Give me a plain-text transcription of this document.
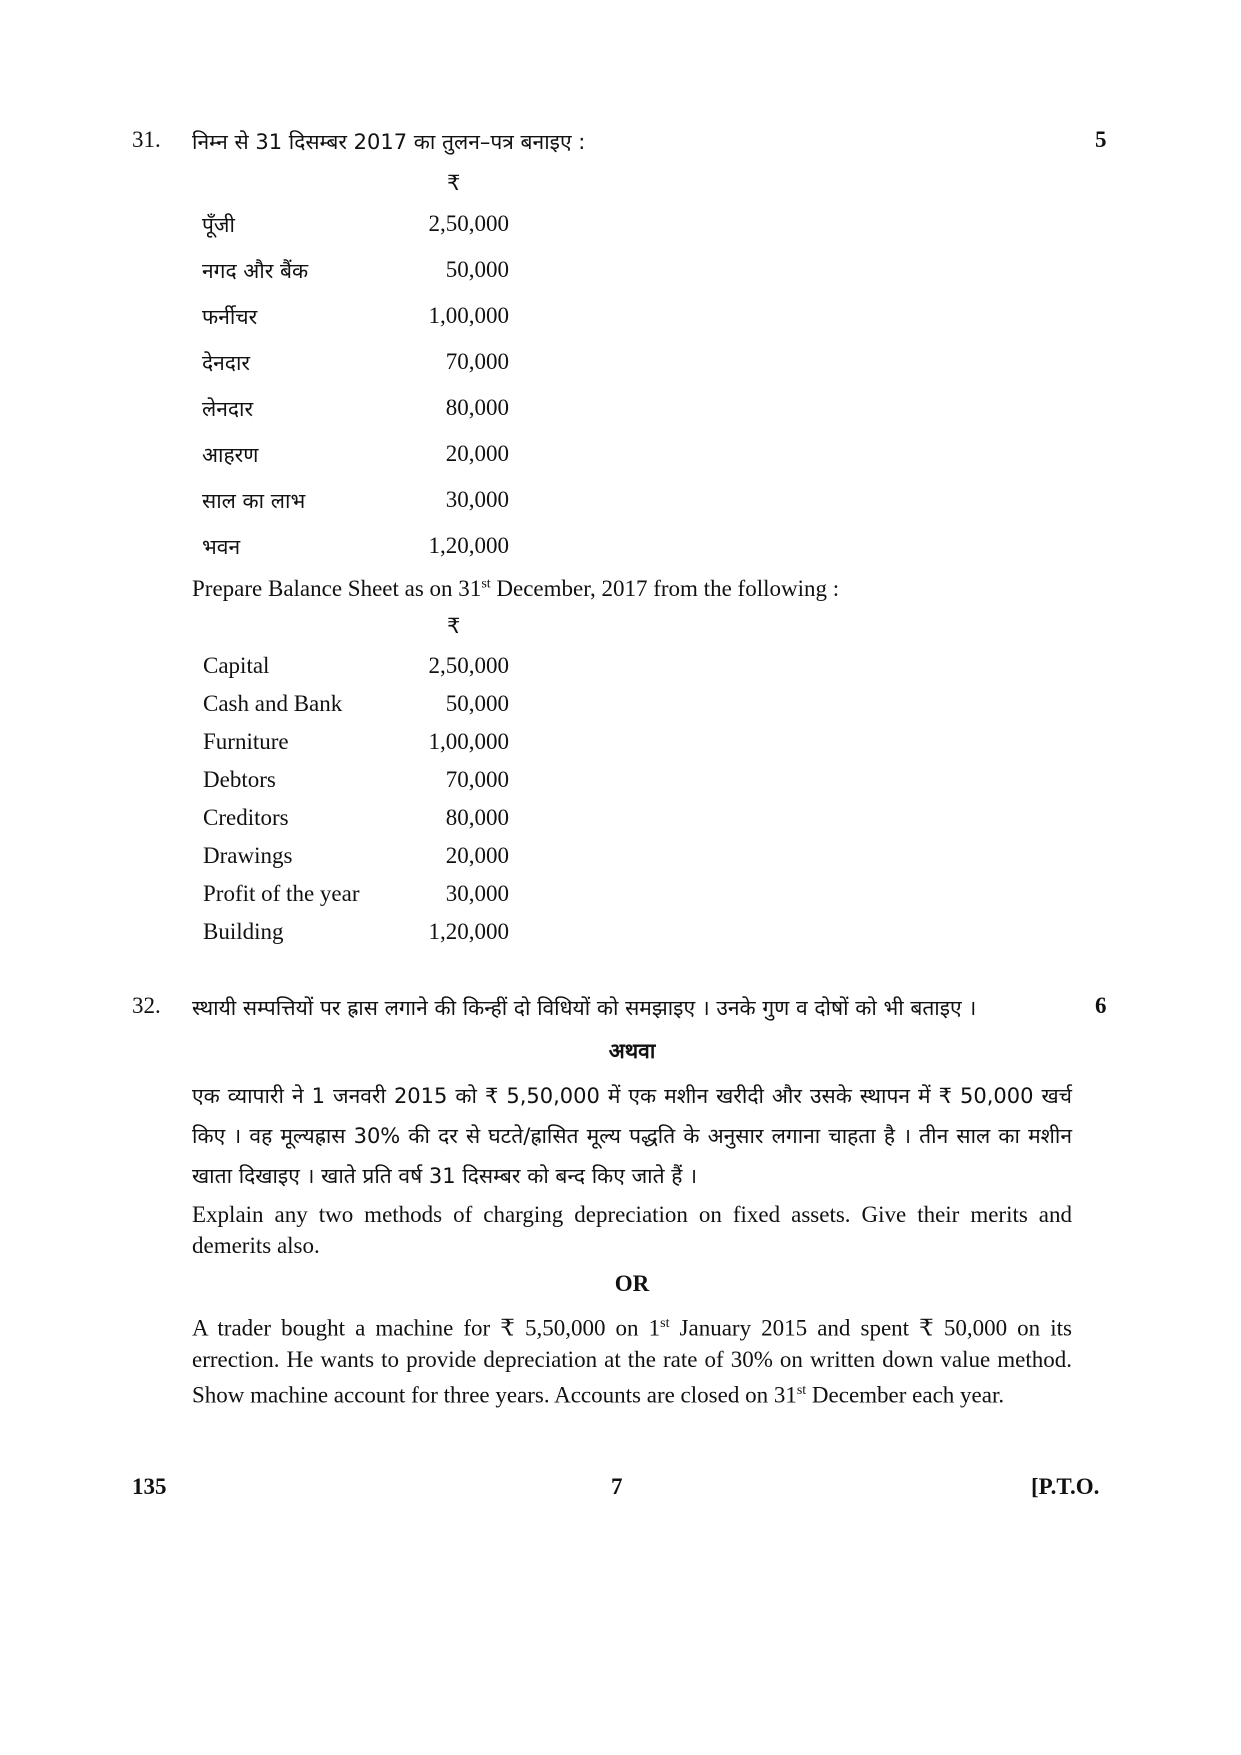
31. निम्न से 31 दिसम्बर 2017 का तुलन–पत्र बनाइए :	5
₹
पूँजी	2,50,000
नगद और बैंक	50,000
फर्नीचर	1,00,000
देनदार	70,000
लेनदार	80,000
आहरण	20,000
साल का लाभ	30,000
भवन	1,20,000
Prepare Balance Sheet as on 31st December, 2017 from the following :
₹
Capital	2,50,000
Cash and Bank	50,000
Furniture	1,00,000
Debtors	70,000
Creditors	80,000
Drawings	20,000
Profit of the year	30,000
Building	1,20,000
32. स्थायी सम्पत्तियों पर ह्रास लगाने की किन्हीं दो विधियों को समझाइए । उनके गुण व दोषों को भी बताइए ।	6
अथवा
एक व्यापारी ने 1 जनवरी 2015 को ₹ 5,50,000 में एक मशीन खरीदी और उसके स्थापन में ₹ 50,000 खर्च किए । वह मूल्यह्रास 30% की दर से घटते/ह्रासित मूल्य पद्धति के अनुसार लगाना चाहता है । तीन साल का मशीन खाता दिखाइए । खाते प्रति वर्ष 31 दिसम्बर को बन्द किए जाते हैं ।
Explain any two methods of charging depreciation on fixed assets. Give their merits and demerits also.
OR
A trader bought a machine for ₹ 5,50,000 on 1st January 2015 and spent ₹ 50,000 on its errection. He wants to provide depreciation at the rate of 30% on written down value method. Show machine account for three years. Accounts are closed on 31st December each year.
135	7	[P.T.O.
